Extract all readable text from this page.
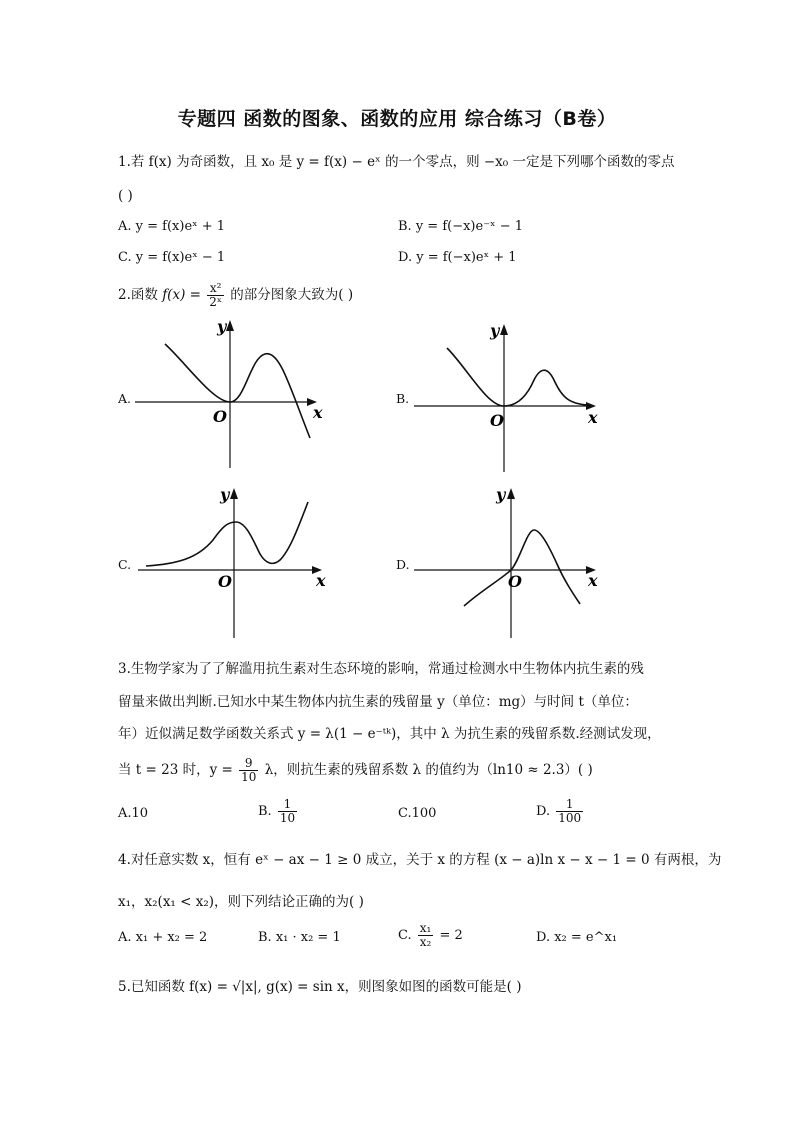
专题四 函数的图象、函数的应用 综合练习（B卷）
1.若 f(x) 为奇函数，且 x₀ 是 y = f(x) − eˣ 的一个零点，则 −x₀ 一定是下列哪个函数的零点
( )
A. y = f(x)eˣ + 1	B. y = f(−x)e⁻ˣ − 1
C. y = f(x)eˣ − 1	D. y = f(−x)eˣ + 1
2.函数 $f(x) = \frac{\text{x²}}{\text{2ˣ}}$ 的部分图象大致为( )
A.	B.
C.	D.
y
x
O
y
x
O
y
x
O
y
x
O
3.生物学家为了了解滥用抗生素对生态环境的影响，常通过检测水中生物体内抗生素的残
留量来做出判断.已知水中某生物体内抗生素的残留量 y（单位：mg）与时间 t（单位：
年）近似满足数学函数关系式 y = λ(1 − e⁻ᵗᵏ)，其中 λ 为抗生素的残留系数.经测试发现，
当 t = 23 时，$y = \frac{9}{10}$ λ，则抗生素的残留系数 λ 的值约为（ln10 ≈ 2.3）( )
A.10	B. $\frac{1}{10}$	C.100	D. $\frac{1}{100}$
4.对任意实数 x，恒有 eˣ − ax − 1 ≥ 0 成立，关于 x 的方程 (x − a)ln x − x − 1 = 0 有两根，为
x₁，x₂(x₁ < x₂)，则下列结论正确的为( )
A. x₁ + x₂ = 2	B. x₁ · x₂ = 1	C. $\frac{\text{x₁}}{\text{x₂}} = 2$	D. x₂ = e^x₁
5.已知函数 f(x) = √|x|, g(x) = sin x，则图象如图的函数可能是( )
